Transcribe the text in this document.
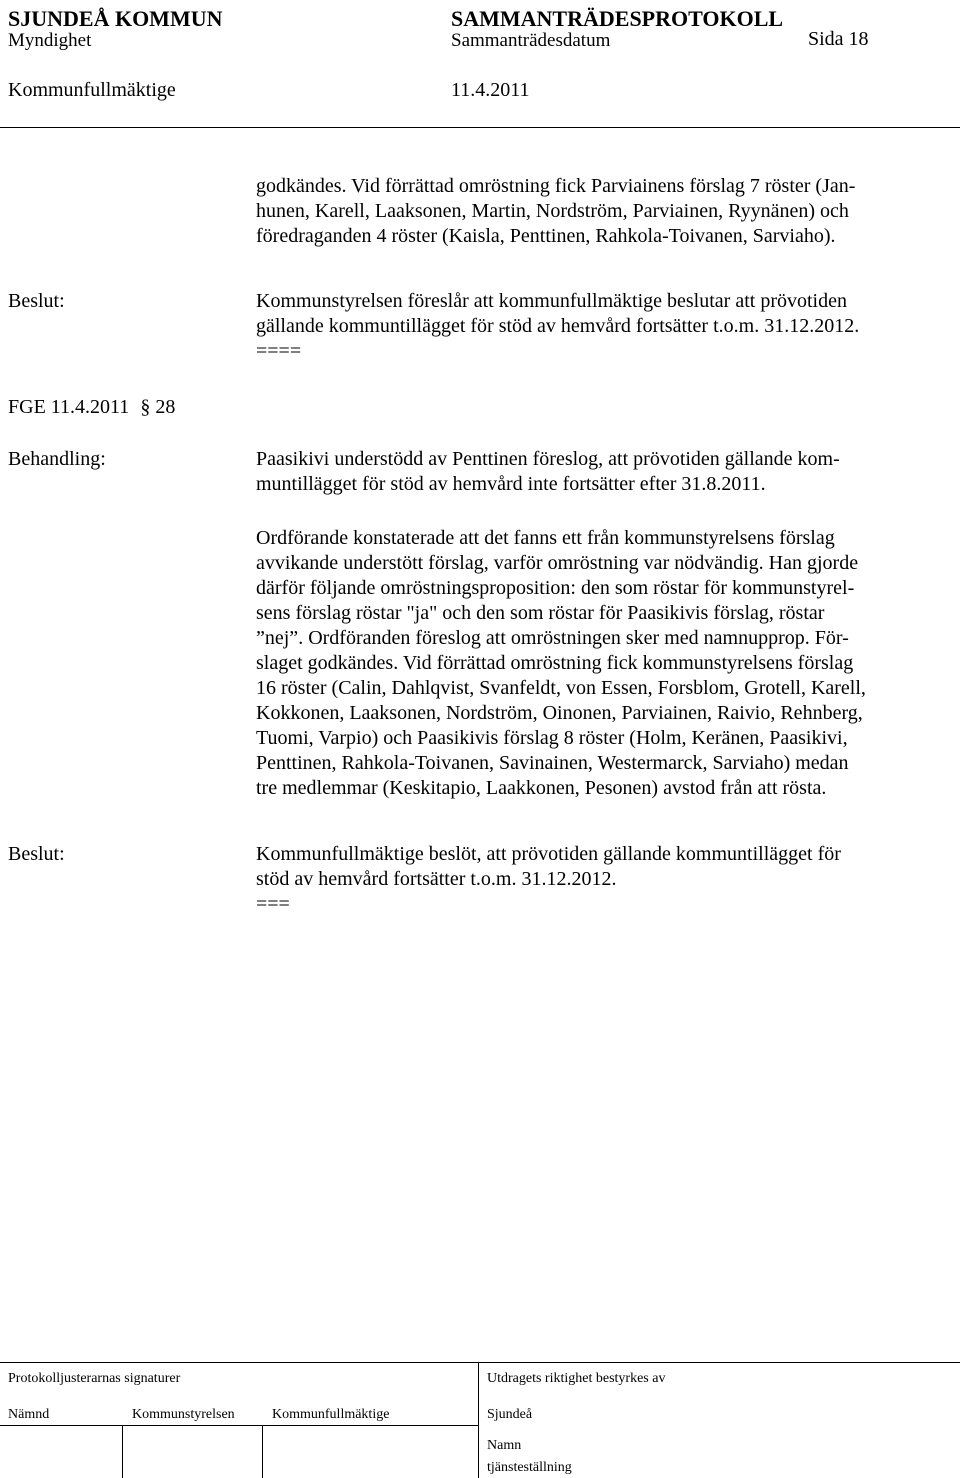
SJUNDEÅ KOMMUN	SAMMANTRÄDESPROTOKOLL
Myndighet	Sammanträdesdatum	Sida 18
Kommunfullmäktige	11.4.2011
godkändes. Vid förrättad omröstning fick Parviainens förslag 7 röster (Jan-
hunen, Karell, Laaksonen, Martin, Nordström, Parviainen, Ryynänen) och
föredraganden 4 röster (Kaisla, Penttinen, Rahkola-Toivanen, Sarviaho).
Beslut:	Kommunstyrelsen föreslår att kommunfullmäktige beslutar att prövotiden
gällande kommuntillägget för stöd av hemvård fortsätter t.o.m. 31.12.2012.
====
FGE 11.4.2011 § 28
Behandling:	Paasikivi understödd av Penttinen föreslog, att prövotiden gällande kom-
muntillägget för stöd av hemvård inte fortsätter efter 31.8.2011.
Ordförande konstaterade att det fanns ett från kommunstyrelsens förslag
avvikande understött förslag, varför omröstning var nödvändig. Han gjorde
därför följande omröstningsproposition: den som röstar för kommunstyrel-
sens förslag röstar "ja" och den som röstar för Paasikivis förslag, röstar
”nej”. Ordföranden föreslog att omröstningen sker med namnupprop. För-
slaget godkändes. Vid förrättad omröstning fick kommunstyrelsens förslag
16 röster (Calin, Dahlqvist, Svanfeldt, von Essen, Forsblom, Grotell, Karell,
Kokkonen, Laaksonen, Nordström, Oinonen, Parviainen, Raivio, Rehnberg,
Tuomi, Varpio) och Paasikivis förslag 8 röster (Holm, Keränen, Paasikivi,
Penttinen, Rahkola-Toivanen, Savinainen, Westermarck, Sarviaho) medan
tre medlemmar (Keskitapio, Laakkonen, Pesonen) avstod från att rösta.
Beslut:	Kommunfullmäktige beslöt, att prövotiden gällande kommuntillägget för
stöd av hemvård fortsätter t.o.m. 31.12.2012.
===
Protokolljusterarnas signaturer	Utdragets riktighet bestyrkes av
Nämnd	Kommunstyrelsen	Kommunfullmäktige	Sjundeå
Namn
tjänsteställning
